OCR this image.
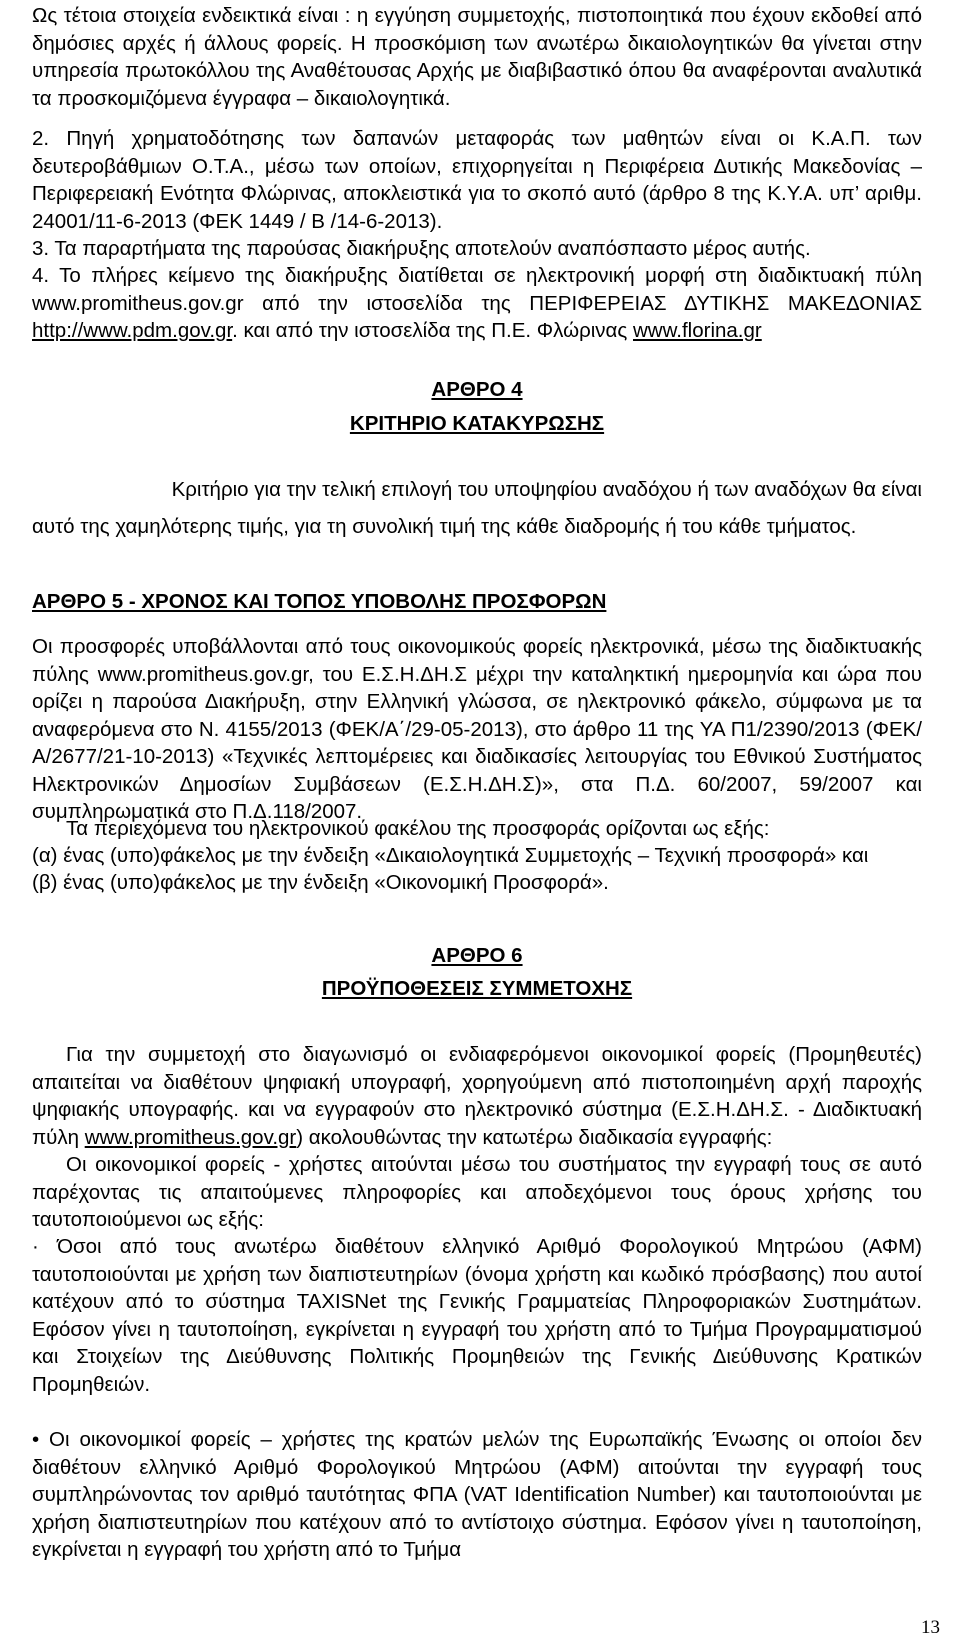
Ως τέτοια στοιχεία ενδεικτικά είναι : η εγγύηση συμμετοχής, πιστοποιητικά που έχουν εκδοθεί από δημόσιες αρχές ή άλλους φορείς. Η προσκόμιση των ανωτέρω δικαιολογητικών θα γίνεται στην υπηρεσία πρωτοκόλλου της Αναθέτουσας Αρχής με διαβιβαστικό όπου θα αναφέρονται αναλυτικά τα προσκομιζόμενα έγγραφα – δικαιολογητικά.

2. Πηγή χρηματοδότησης των δαπανών μεταφοράς των μαθητών είναι οι Κ.Α.Π. των δευτεροβάθμιων Ο.Τ.Α., μέσω των οποίων, επιχορηγείται η Περιφέρεια Δυτικής Μακεδονίας – Περιφερειακή Ενότητα Φλώρινας, αποκλειστικά για το σκοπό αυτό (άρθρο 8 της Κ.Υ.Α. υπ’ αριθμ. 24001/11-6-2013 (ΦΕΚ 1449 / Β /14-6-2013).

3. Τα παραρτήματα της παρούσας διακήρυξης αποτελούν αναπόσπαστο μέρος αυτής.

4. Το πλήρες κείμενο της διακήρυξης διατίθεται σε ηλεκτρονική μορφή στη διαδικτυακή πύλη www.promitheus.gov.gr από την ιστοσελίδα της ΠΕΡΙΦΕΡΕΙΑΣ ΔΥΤΙΚΗΣ ΜΑΚΕΔΟΝΙΑΣ http://www.pdm.gov.gr. και από την ιστοσελίδα της Π.Ε. Φλώρινας www.florina.gr

ΑΡΘΡΟ 4

ΚΡΙΤΗΡΙΟ ΚΑΤΑΚΥΡΩΣΗΣ

Κριτήριο για την τελική επιλογή του υποψηφίου αναδόχου ή των αναδόχων θα είναι

αυτό της χαμηλότερης τιμής, για τη συνολική τιμή της κάθε διαδρομής ή του κάθε τμήματος.

ΑΡΘΡΟ 5 - ΧΡΟΝΟΣ ΚΑΙ ΤΟΠΟΣ ΥΠΟΒΟΛΗΣ ΠΡΟΣΦΟΡΩΝ

Οι προσφορές υποβάλλονται από τους οικονομικούς φορείς ηλεκτρονικά, μέσω της διαδικτυακής πύλης www.promitheus.gov.gr, του Ε.Σ.Η.ΔΗ.Σ μέχρι την καταληκτική ημερομηνία και ώρα που ορίζει η παρούσα Διακήρυξη, στην Ελληνική γλώσσα, σε ηλεκτρονικό φάκελο, σύμφωνα με τα αναφερόμενα στο Ν. 4155/2013 (ΦΕΚ/Α΄/29-05-2013), στο άρθρο 11 της ΥΑ Π1/2390/2013 (ΦΕΚ/Α/2677/21-10-2013) «Τεχνικές λεπτομέρειες και διαδικασίες λειτουργίας του Εθνικού Συστήματος Ηλεκτρονικών Δημοσίων Συμβάσεων (Ε.Σ.Η.ΔΗ.Σ)», στα Π.Δ. 60/2007, 59/2007 και συμπληρωματικά στο Π.Δ.118/2007.

Τα περιεχόμενα του ηλεκτρονικού φακέλου της προσφοράς ορίζονται ως εξής:

(α) ένας (υπο)φάκελος με την ένδειξη «Δικαιολογητικά Συμμετοχής – Τεχνική προσφορά» και

(β) ένας (υπο)φάκελος με την ένδειξη «Οικονομική Προσφορά».

ΑΡΘΡΟ 6

ΠΡΟΫΠΟΘΕΣΕΙΣ ΣΥΜΜΕΤΟΧΗΣ

Για την συμμετοχή στο διαγωνισμό οι ενδιαφερόμενοι οικονομικοί φορείς (Προμηθευτές) απαιτείται να διαθέτουν ψηφιακή υπογραφή, χορηγούμενη από πιστοποιημένη αρχή παροχής ψηφιακής υπογραφής. και να εγγραφούν στο ηλεκτρονικό σύστημα (Ε.Σ.Η.ΔΗ.Σ. - Διαδικτυακή πύλη www.promitheus.gov.gr) ακολουθώντας την κατωτέρω διαδικασία εγγραφής:

Οι οικονομικοί φορείς - χρήστες αιτούνται μέσω του συστήματος την εγγραφή τους σε αυτό παρέχοντας τις απαιτούμενες πληροφορίες και αποδεχόμενοι τους όρους χρήσης του ταυτοποιούμενοι ως εξής:

· Όσοι από τους ανωτέρω διαθέτουν ελληνικό Αριθμό Φορολογικού Μητρώου (ΑΦΜ) ταυτοποιούνται με χρήση των διαπιστευτηρίων (όνομα χρήστη και κωδικό πρόσβασης) που αυτοί κατέχουν από το σύστημα TAXISNet της Γενικής Γραμματείας Πληροφοριακών Συστημάτων. Εφόσον γίνει η ταυτοποίηση, εγκρίνεται η εγγραφή του χρήστη από το Τμήμα Προγραμματισμού και Στοιχείων της Διεύθυνσης Πολιτικής Προμηθειών της Γενικής Διεύθυνσης Κρατικών Προμηθειών.

• Οι οικονομικοί φορείς – χρήστες της κρατών μελών της Ευρωπαϊκής Ένωσης οι οποίοι δεν διαθέτουν ελληνικό Αριθμό Φορολογικού Μητρώου (ΑΦΜ) αιτούνται την εγγραφή τους συμπληρώνοντας τον αριθμό ταυτότητας ΦΠΑ (VAT Identification Number) και ταυτοποιούνται με χρήση διαπιστευτηρίων που κατέχουν από το αντίστοιχο σύστημα. Εφόσον γίνει η ταυτοποίηση, εγκρίνεται η εγγραφή του χρήστη από το Τμήμα

13
